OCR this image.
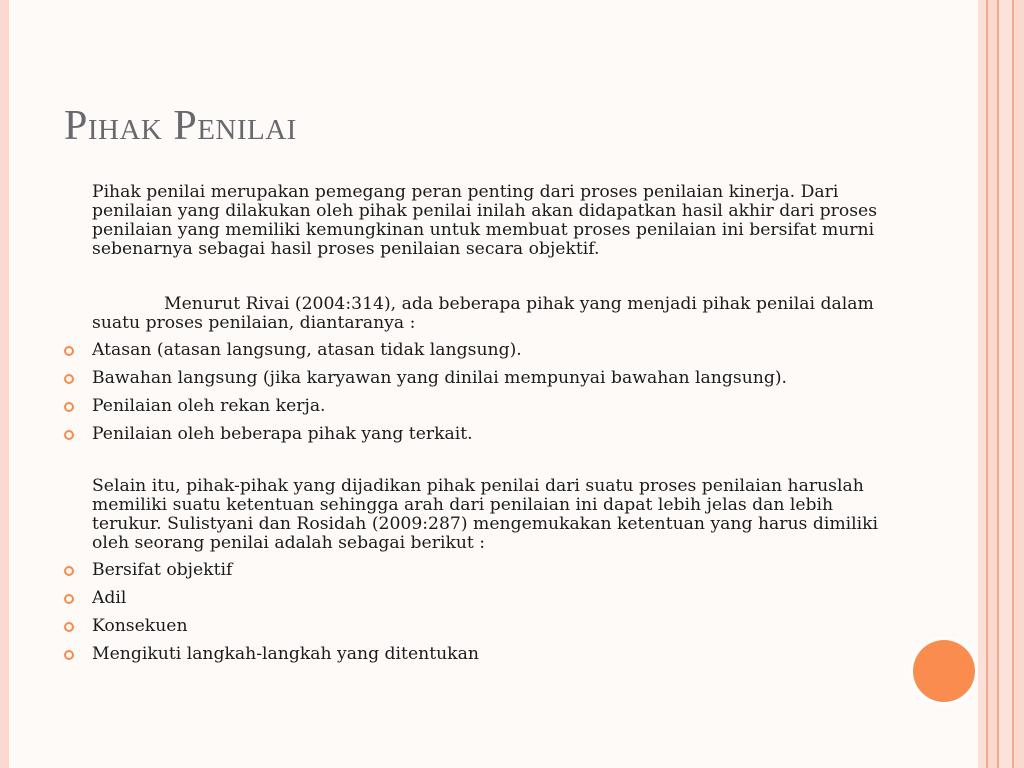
Pihak Penilai

Pihak penilai merupakan pemegang peran penting dari proses penilaian kinerja. Dari penilaian yang dilakukan oleh pihak penilai inilah akan didapatkan hasil akhir dari proses penilaian yang memiliki kemungkinan untuk membuat proses penilaian ini bersifat murni sebenarnya sebagai hasil proses penilaian secara objektif.

Menurut Rivai (2004:314), ada beberapa pihak yang menjadi pihak penilai dalam suatu proses penilaian, diantaranya :

Atasan (atasan langsung, atasan tidak langsung).
Bawahan langsung (jika karyawan yang dinilai mempunyai bawahan langsung).
Penilaian oleh rekan kerja.
Penilaian oleh beberapa pihak yang terkait.

Selain itu, pihak-pihak yang dijadikan pihak penilai dari suatu proses penilaian haruslah memiliki suatu ketentuan sehingga arah dari penilaian ini dapat lebih jelas dan lebih terukur. Sulistyani dan Rosidah (2009:287) mengemukakan ketentuan yang harus dimiliki oleh seorang penilai adalah sebagai berikut :

Bersifat objektif
Adil
Konsekuen
Mengikuti langkah-langkah yang ditentukan
